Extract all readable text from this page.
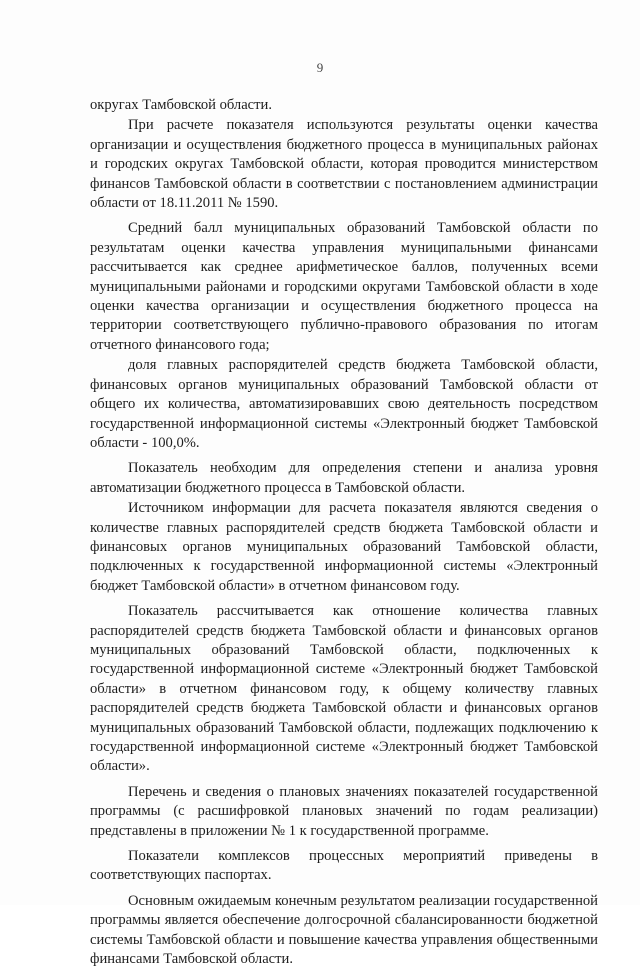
9

округах Тамбовской области.

При расчете показателя используются результаты оценки качества организации и осуществления бюджетного процесса в муниципальных районах и городских округах Тамбовской области, которая проводится министерством финансов Тамбовской области в соответствии с постановлением администрации области от 18.11.2011 № 1590.

Средний балл муниципальных образований Тамбовской области по результатам оценки качества управления муниципальными финансами рассчитывается как среднее арифметическое баллов, полученных всеми муниципальными районами и городскими округами Тамбовской области в ходе оценки качества организации и осуществления бюджетного процесса на территории соответствующего публично-правового образования по итогам отчетного финансового года;

доля главных распорядителей средств бюджета Тамбовской области, финансовых органов муниципальных образований Тамбовской области от общего их количества, автоматизировавших свою деятельность посредством государственной информационной системы «Электронный бюджет Тамбовской области - 100,0%.

Показатель необходим для определения степени и анализа уровня автоматизации бюджетного процесса в Тамбовской области.

Источником информации для расчета показателя являются сведения о количестве главных распорядителей средств бюджета Тамбовской области и финансовых органов муниципальных образований Тамбовской области, подключенных к государственной информационной системы «Электронный бюджет Тамбовской области» в отчетном финансовом году.

Показатель рассчитывается как отношение количества главных распорядителей средств бюджета Тамбовской области и финансовых органов муниципальных образований Тамбовской области, подключенных к государственной информационной системе «Электронный бюджет Тамбовской области» в отчетном финансовом году, к общему количеству главных распорядителей средств бюджета Тамбовской области и финансовых органов муниципальных образований Тамбовской области, подлежащих подключению к государственной информационной системе «Электронный бюджет Тамбовской области».

Перечень и сведения о плановых значениях показателей государственной программы (с расшифровкой плановых значений по годам реализации) представлены в приложении № 1 к государственной программе.

Показатели комплексов процессных мероприятий приведены в соответствующих паспортах.

Основным ожидаемым конечным результатом реализации государственной программы является обеспечение долгосрочной сбалансированности бюджетной системы Тамбовской области и повышение качества управления общественными финансами Тамбовской области.
